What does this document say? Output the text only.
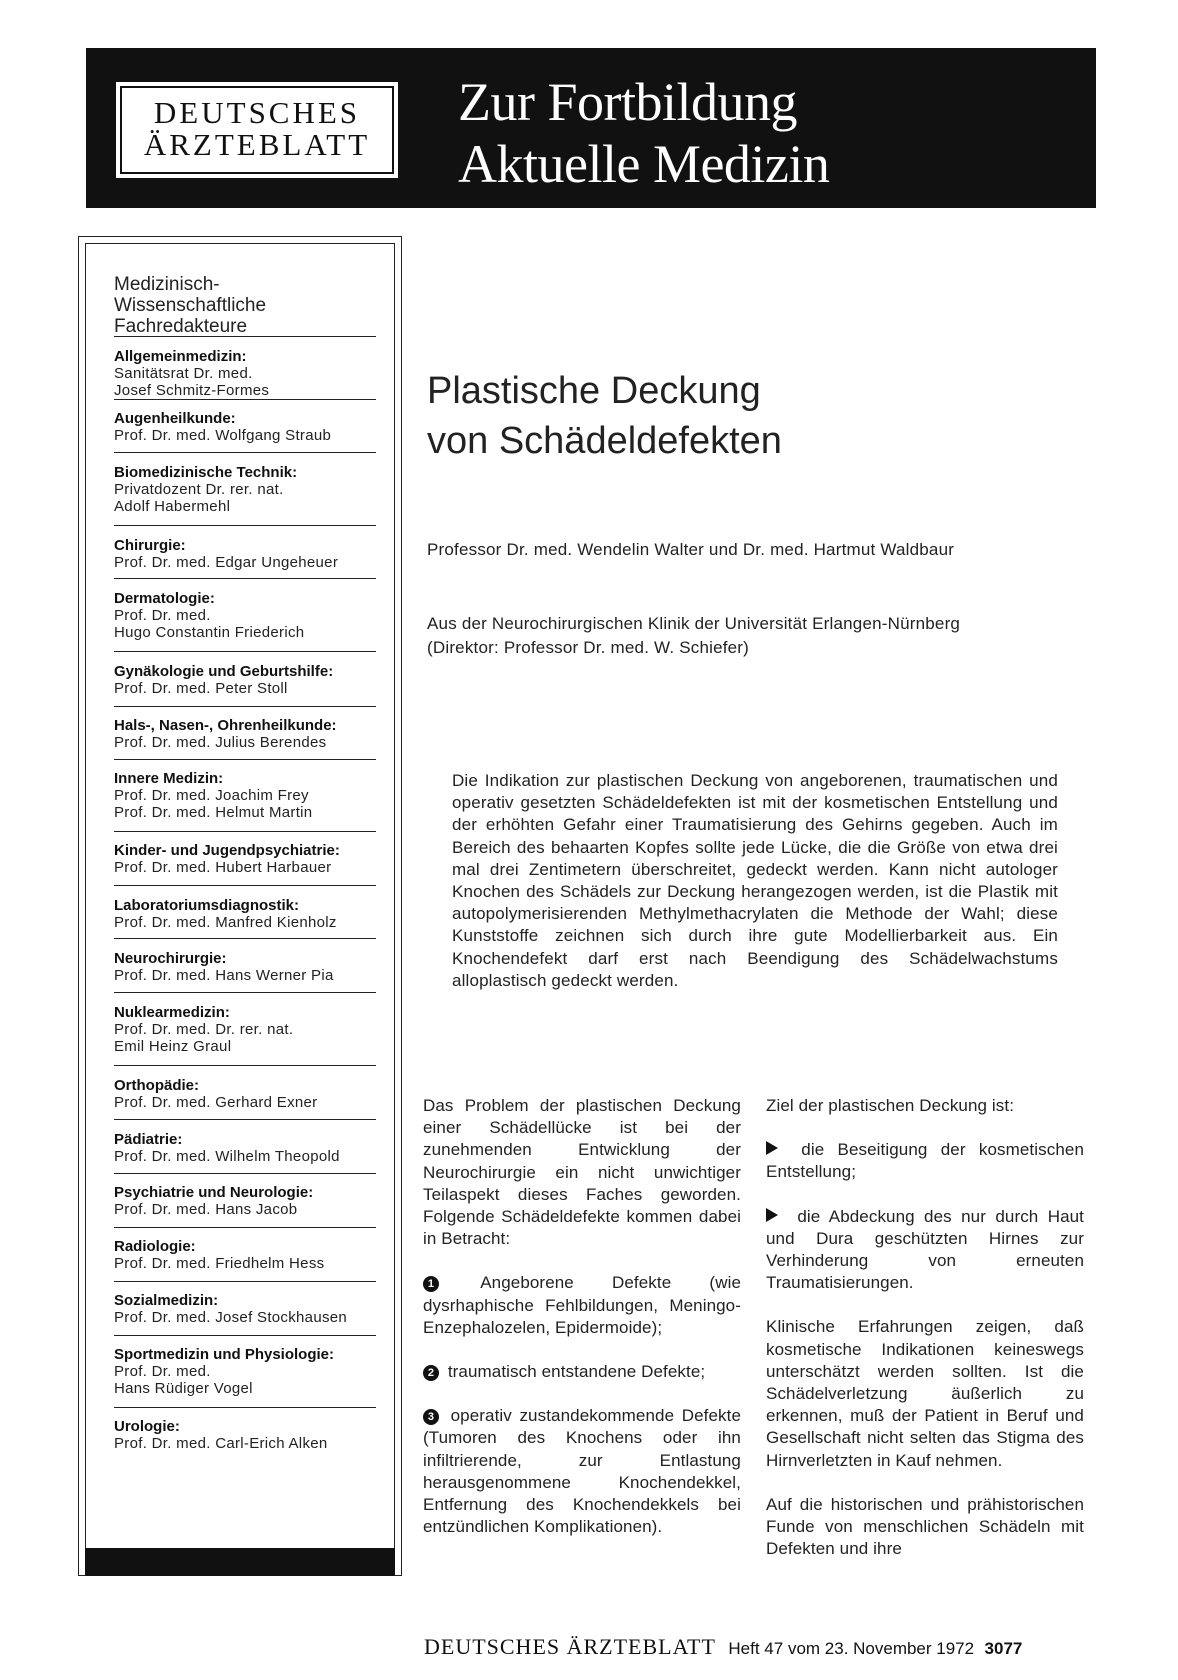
DEUTSCHES
ÄRZTEBLATT
Zur Fortbildung
Aktuelle Medizin
Medizinisch-
Wissenschaftliche
Fachredakteure
Allgemeinmedizin:
Sanitätsrat Dr. med.
Josef Schmitz-Formes
Augenheilkunde:
Prof. Dr. med. Wolfgang Straub
Biomedizinische Technik:
Privatdozent Dr. rer. nat.
Adolf Habermehl
Chirurgie:
Prof. Dr. med. Edgar Ungeheuer
Dermatologie:
Prof. Dr. med.
Hugo Constantin Friederich
Gynäkologie und Geburtshilfe:
Prof. Dr. med. Peter Stoll
Hals-, Nasen-, Ohrenheilkunde:
Prof. Dr. med. Julius Berendes
Innere Medizin:
Prof. Dr. med. Joachim Frey
Prof. Dr. med. Helmut Martin
Kinder- und Jugendpsychiatrie:
Prof. Dr. med. Hubert Harbauer
Laboratoriumsdiagnostik:
Prof. Dr. med. Manfred Kienholz
Neurochirurgie:
Prof. Dr. med. Hans Werner Pia
Nuklearmedizin:
Prof. Dr. med. Dr. rer. nat.
Emil Heinz Graul
Orthopädie:
Prof. Dr. med. Gerhard Exner
Pädiatrie:
Prof. Dr. med. Wilhelm Theopold
Psychiatrie und Neurologie:
Prof. Dr. med. Hans Jacob
Radiologie:
Prof. Dr. med. Friedhelm Hess
Sozialmedizin:
Prof. Dr. med. Josef Stockhausen
Sportmedizin und Physiologie:
Prof. Dr. med.
Hans Rüdiger Vogel
Urologie:
Prof. Dr. med. Carl-Erich Alken
Plastische Deckung
von Schädeldefekten
Professor Dr. med. Wendelin Walter und Dr. med. Hartmut Waldbaur
Aus der Neurochirurgischen Klinik der Universität Erlangen-Nürnberg
(Direktor: Professor Dr. med. W. Schiefer)
Die Indikation zur plastischen Deckung von angeborenen, traumatischen und operativ gesetzten Schädeldefekten ist mit der kosmetischen Entstellung und der erhöhten Gefahr einer Traumatisierung des Gehirns gegeben. Auch im Bereich des behaarten Kopfes sollte jede Lücke, die die Größe von etwa drei mal drei Zentimetern überschreitet, gedeckt werden. Kann nicht autologer Knochen des Schädels zur Deckung herangezogen werden, ist die Plastik mit autopolymerisierenden Methylmethacrylaten die Methode der Wahl; diese Kunststoffe zeichnen sich durch ihre gute Modellierbarkeit aus. Ein Knochendefekt darf erst nach Beendigung des Schädelwachstums alloplastisch gedeckt werden.

Das Problem der plastischen Deckung einer Schädellücke ist bei der zunehmenden Entwicklung der Neurochirurgie ein nicht unwichtiger Teilaspekt dieses Faches geworden. Folgende Schädeldefekte kommen dabei in Betracht:

1	Angeborene Defekte (wie dysrhaphische Fehlbildungen, Meningo-Enzephalozelen, Epidermoide);

2 traumatisch entstandene Defekte;

3 operativ zustandekommende Defekte (Tumoren des Knochens oder ihn infiltrierende, zur Entlastung herausgenommene Knochendekkel, Entfernung des Knochendekkels bei entzündlichen Komplikationen).

Ziel der plastischen Deckung ist:

die Beseitigung der kosmetischen Entstellung;

die Abdeckung des nur durch Haut und Dura geschützten Hirnes zur Verhinderung von erneuten Traumatisierungen.

Klinische Erfahrungen zeigen, daß kosmetische Indikationen keineswegs unterschätzt werden sollten. Ist die Schädelverletzung äußerlich zu erkennen, muß der Patient in Beruf und Gesellschaft nicht selten das Stigma des Hirnverletzten in Kauf nehmen.

Auf die historischen und prähistorischen Funde von menschlichen Schädeln mit Defekten und ihre

DEUTSCHES ÄRZTEBLATT Heft 47 vom 23. November 1972 3077
